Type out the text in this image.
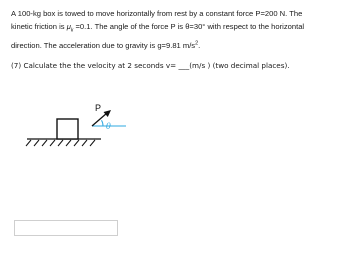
A 100-kg box is towed to move horizontally from rest by a constant force P=200 N. The

kinetic friction is $\mu_k =0.1$. The angle of the force P is θ=30° with respect to the horizontal

direction. The acceleration due to gravity is g=9.81 $m/s^2$.

(7) Calculate the the velocity at 2 seconds v= ___(m/s ) (two decimal places).
θ
P
